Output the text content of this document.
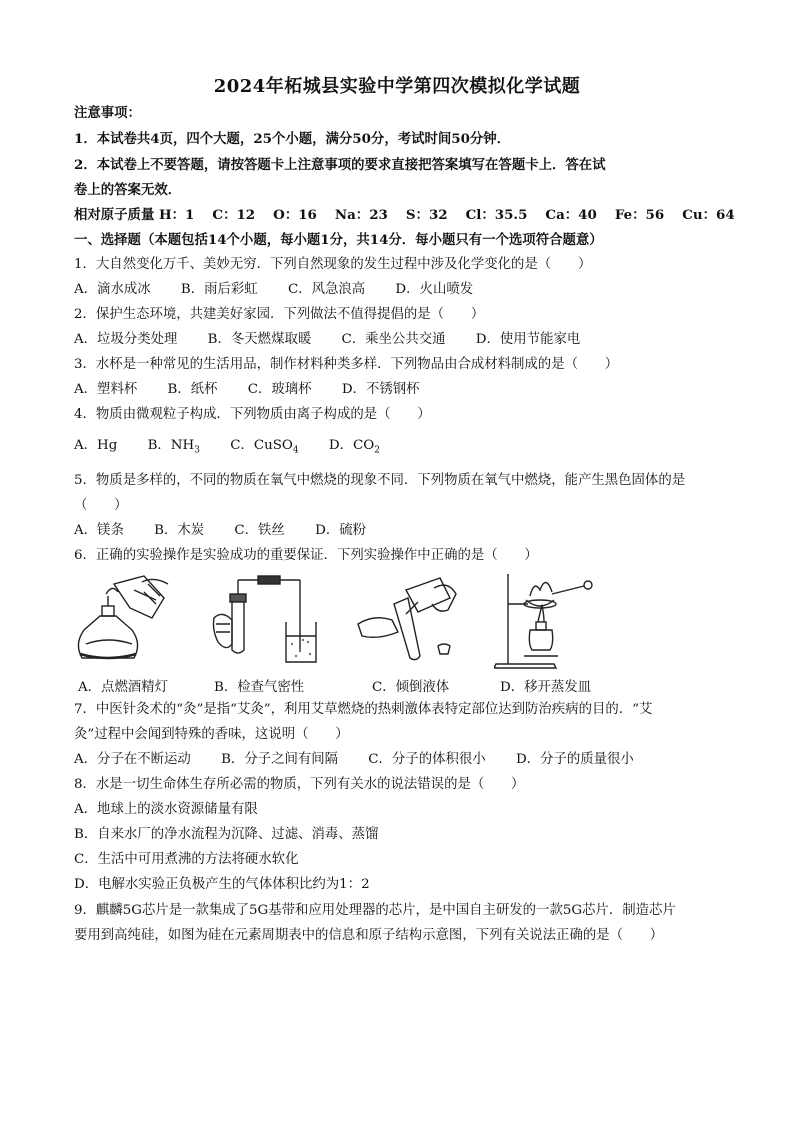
2024年柘城县实验中学第四次模拟化学试题
注意事项：
1．本试卷共4页，四个大题，25个小题，满分50分，考试时间50分钟．
2．本试卷上不要答题，请按答题卡上注意事项的要求直接把答案填写在答题卡上．答在试
卷上的答案无效．
相对原子质量 H：1　 C：12　 O：16　 Na：23　 S：32　 Cl：35.5　 Ca：40　 Fe：56　 Cu：64
一、选择题（本题包括14个小题，每小题1分，共14分．每小题只有一个选项符合题意）
1．大自然变化万千、美妙无穷．下列自然现象的发生过程中涉及化学变化的是（　　）
A．滴水成冰 B．雨后彩虹 C．风急浪高 D．火山喷发
2．保护生态环境，共建美好家园．下列做法不值得提倡的是（　　）
A．垃圾分类处理 B．冬天燃煤取暖 C．乘坐公共交通 D．使用节能家电
3．水杯是一种常见的生活用品，制作材料种类多样．下列物品由合成材料制成的是（　　）
A．塑料杯 B．纸杯 C．玻璃杯 D．不锈钢杯
4．物质由微观粒子构成．下列物质由离子构成的是（　　）
A．Hg B．$NH_3$ C．CuSO$_4$ D．$CO_2$
5．物质是多样的，不同的物质在氧气中燃烧的现象不同．下列物质在氧气中燃烧，能产生黑色固体的是
（　　）
A．镁条 B．木炭 C．铁丝 D．硫粉
6．正确的实验操作是实验成功的重要保证．下列实验操作中正确的是（　　）
A．点燃酒精灯	B．检查气密性	C．倾倒液体	D．移开蒸发皿
7．中医针灸术的“灸”是指“艾灸”，利用艾草燃烧的热刺激体表特定部位达到防治疾病的目的．“艾
灸”过程中会闻到特殊的香味，这说明（　　）
A．分子在不断运动 B．分子之间有间隔 C．分子的体积很小 D．分子的质量很小
8．水是一切生命体生存所必需的物质，下列有关水的说法错误的是（　　）
A．地球上的淡水资源储量有限
B．自来水厂的净水流程为沉降、过滤、消毒、蒸馏
C．生活中可用煮沸的方法将硬水软化
D．电解水实验正负极产生的气体体积比约为1：2
9．麒麟5G芯片是一款集成了5G基带和应用处理器的芯片，是中国自主研发的一款5G芯片．制造芯片
要用到高纯硅，如图为硅在元素周期表中的信息和原子结构示意图，下列有关说法正确的是（　　）
